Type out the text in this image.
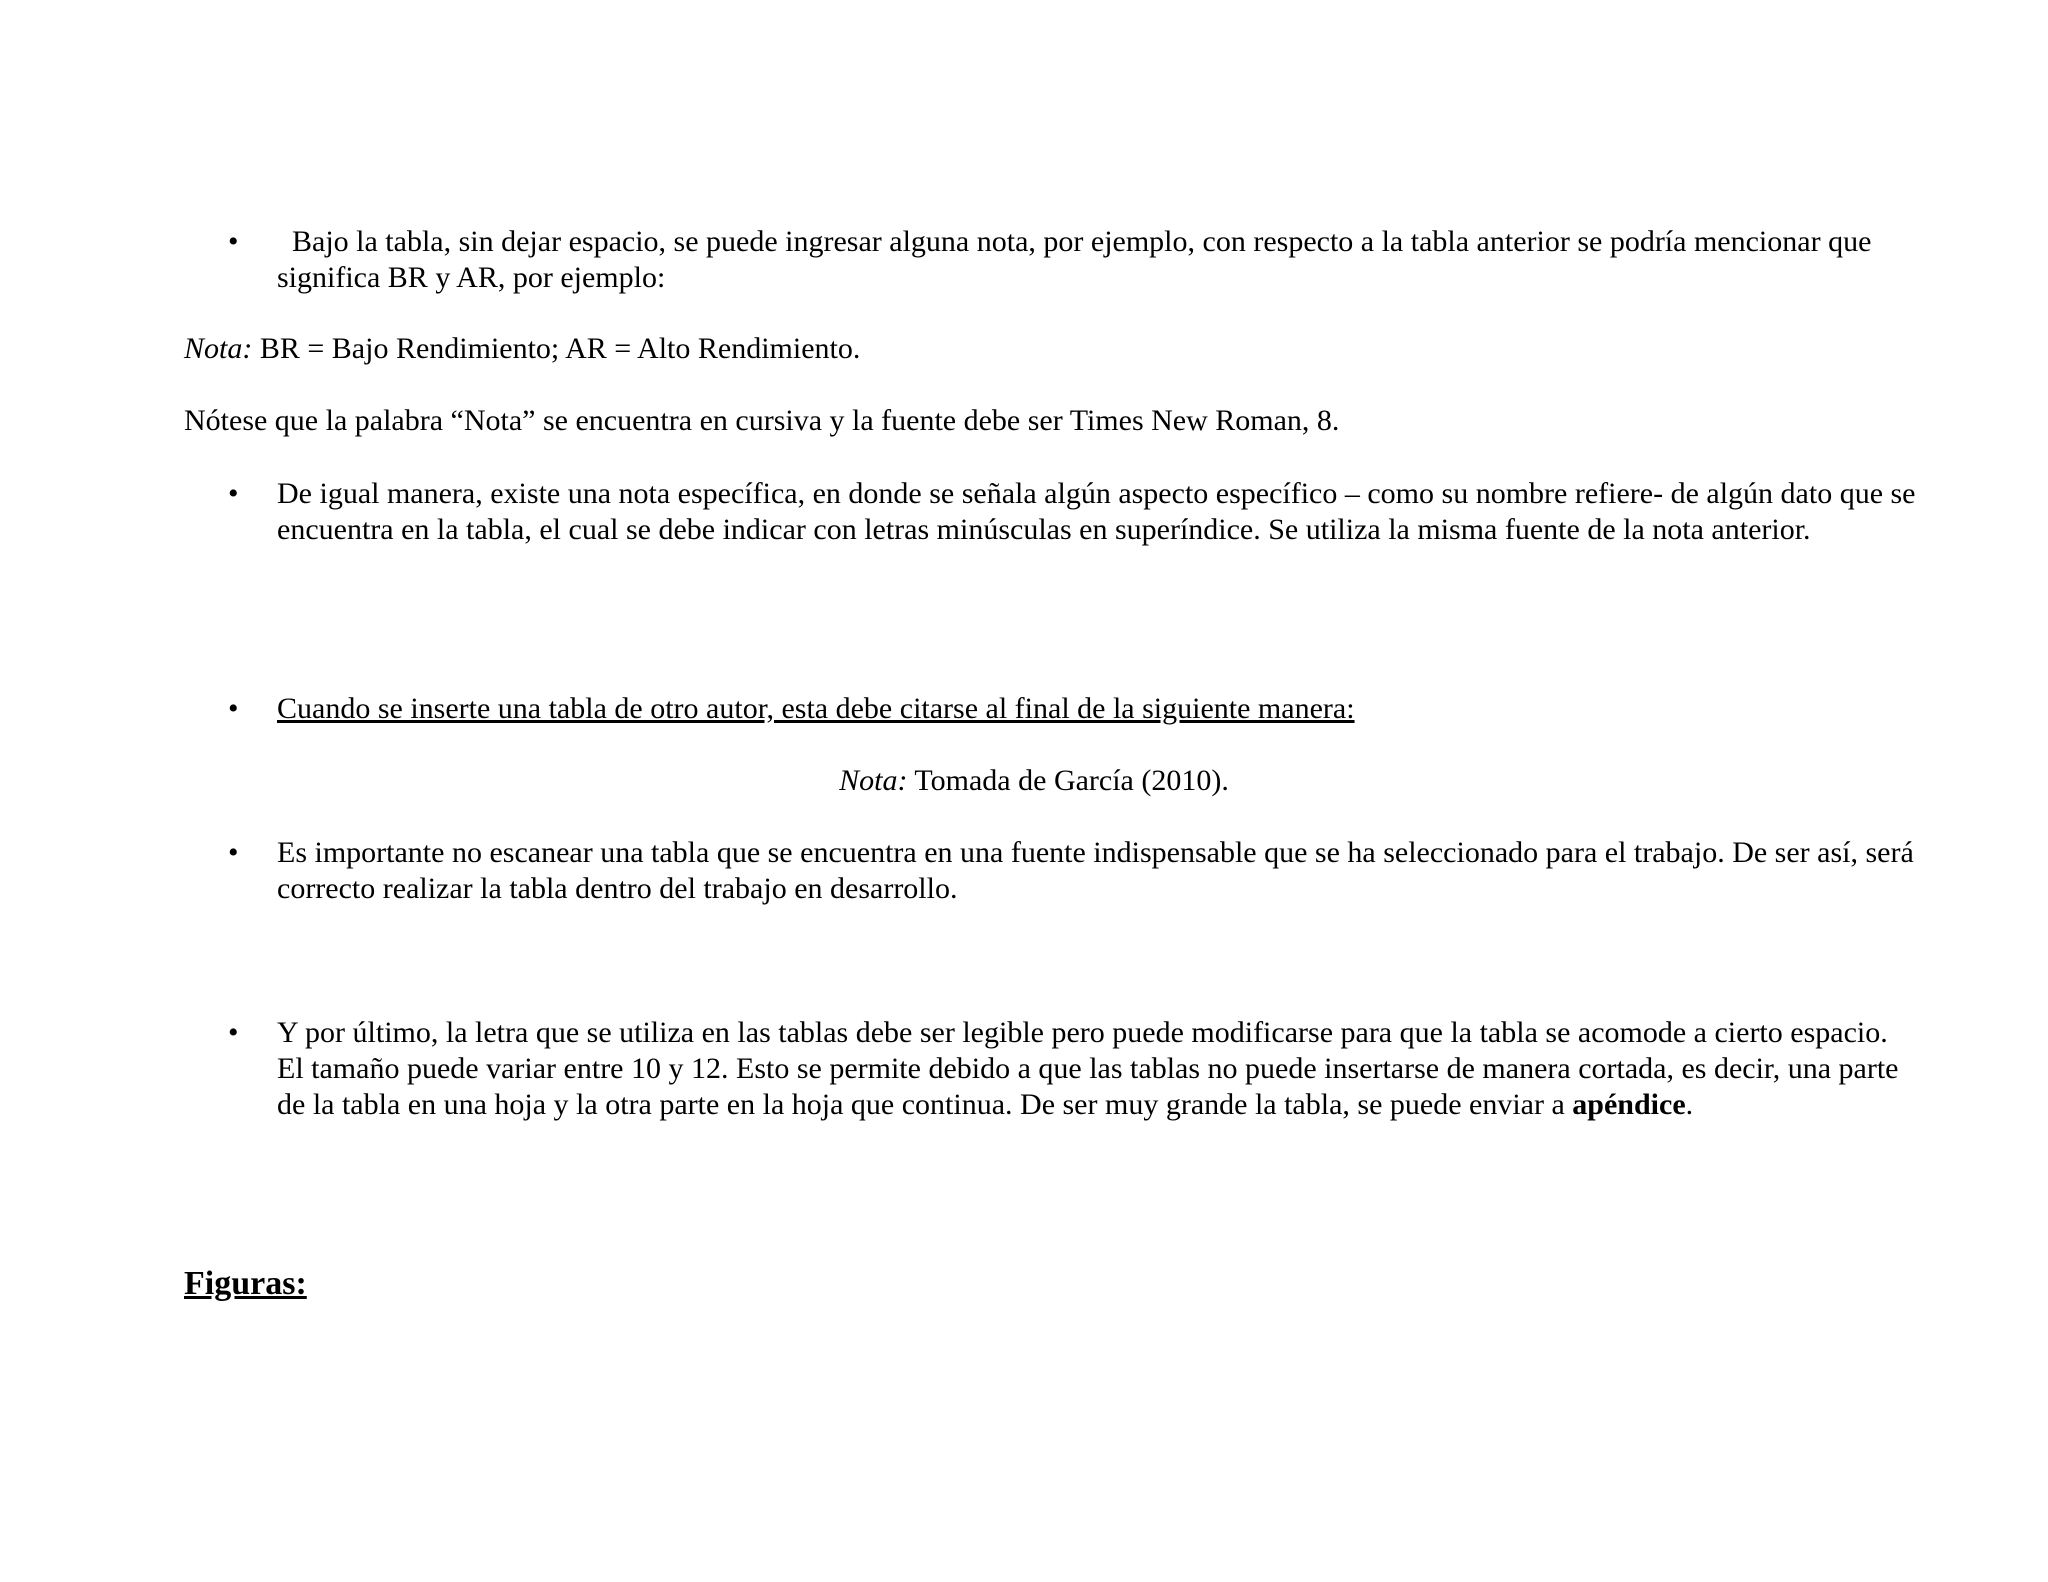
•	Bajo la tabla, sin dejar espacio, se puede ingresar alguna nota, por ejemplo, con respecto a la tabla anterior se podría mencionar que significa BR y AR, por ejemplo:
Nota: BR = Bajo Rendimiento; AR = Alto Rendimiento.
Nótese que la palabra “Nota” se encuentra en cursiva y la fuente debe ser Times New Roman, 8.
•	De igual manera, existe una nota específica, en donde se señala algún aspecto específico – como su nombre refiere- de algún dato que se encuentra en la tabla, el cual se debe indicar con letras minúsculas en superíndice. Se utiliza la misma fuente de la nota anterior.
•	Cuando se inserte una tabla de otro autor, esta debe citarse al final de la siguiente manera:
Nota: Tomada de García (2010).
•	Es importante no escanear una tabla que se encuentra en una fuente indispensable que se ha seleccionado para el trabajo. De ser así, será correcto realizar la tabla dentro del trabajo en desarrollo.
•	Y por último, la letra que se utiliza en las tablas debe ser legible pero puede modificarse para que la tabla se acomode a cierto espacio. El tamaño puede variar entre 10 y 12. Esto se permite debido a que las tablas no puede insertarse de manera cortada, es decir, una parte de la tabla en una hoja y la otra parte en la hoja que continua. De ser muy grande la tabla, se puede enviar a apéndice.
Figuras:
